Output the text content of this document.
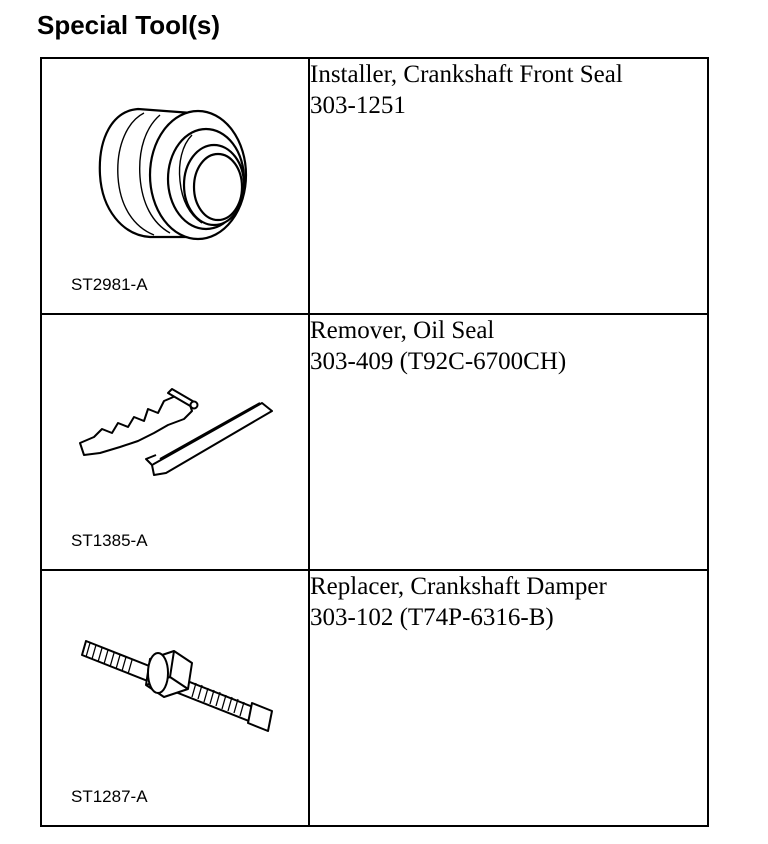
Special Tool(s)
ST2981-A	Installer, Crankshaft Front Seal
303-1251

ST1385-A	Remover, Oil Seal
303-409 (T92C-6700CH)

ST1287-A	Replacer, Crankshaft Damper
303-102 (T74P-6316-B)
